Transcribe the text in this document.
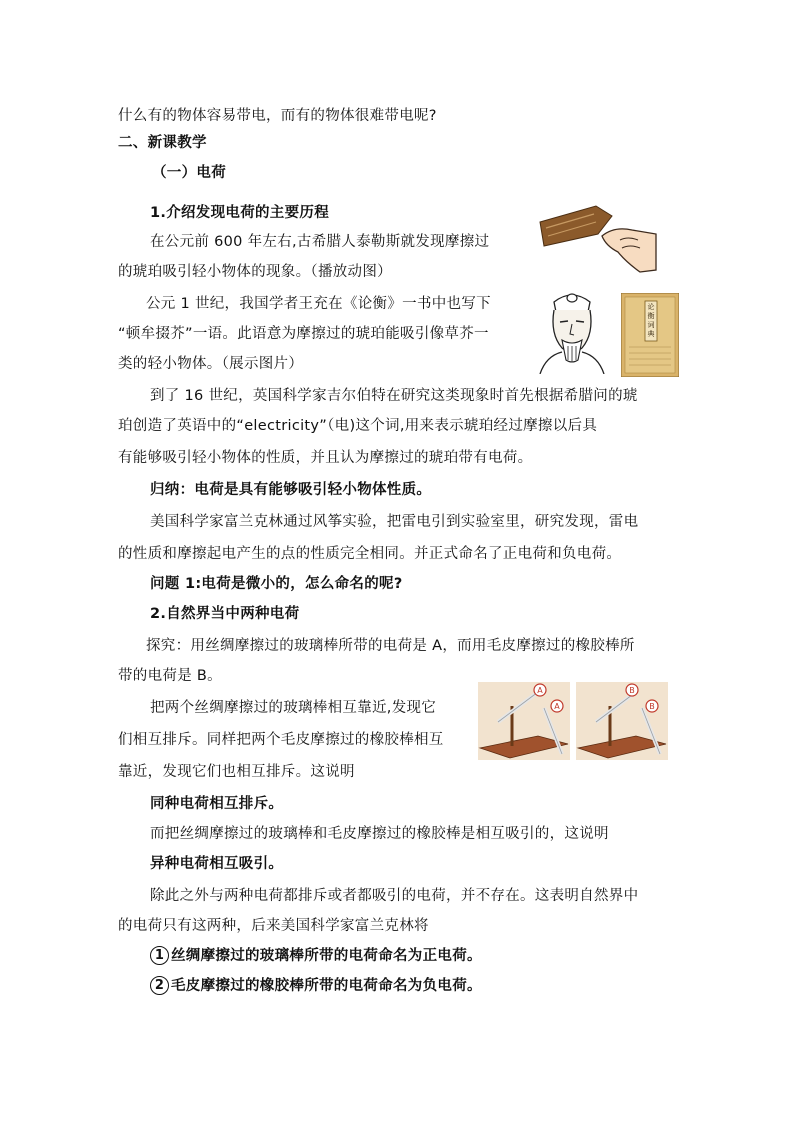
什么有的物体容易带电，而有的物体很难带电呢?
二、新课教学
（一）电荷
1.介绍发现电荷的主要历程
在公元前 600 年左右,古希腊人泰勒斯就发现摩擦过
的琥珀吸引轻小物体的现象。（播放动图）
公元 1 世纪，我国学者王充在《论衡》一书中也写下
“顿牟掇芥”一语。此语意为摩擦过的琥珀能吸引像草芥一
类的轻小物体。（展示图片）
到了 16 世纪，英国科学家吉尔伯特在研究这类现象时首先根据希腊问的琥
珀创造了英语中的“electricity”（电)这个词,用来表示琥珀经过摩擦以后具
有能够吸引轻小物体的性质，并且认为摩擦过的琥珀带有电荷。
归纳：电荷是具有能够吸引轻小物体性质。
美国科学家富兰克林通过风筝实验，把雷电引到实验室里，研究发现，雷电
的性质和摩擦起电产生的点的性质完全相同。并正式命名了正电荷和负电荷。
问题 1:电荷是微小的，怎么命名的呢?
2.自然界当中两种电荷
探究：用丝绸摩擦过的玻璃棒所带的电荷是 A，而用毛皮摩擦过的橡胶棒所
带的电荷是 B。
把两个丝绸摩擦过的玻璃棒相互靠近,发现它
们相互排斥。同样把两个毛皮摩擦过的橡胶棒相互
靠近，发现它们也相互排斥。这说明
同种电荷相互排斥。
而把丝绸摩擦过的玻璃棒和毛皮摩擦过的橡胶棒是相互吸引的，这说明
异种电荷相互吸引。
除此之外与两种电荷都排斥或者都吸引的电荷，并不存在。这表明自然界中
的电荷只有这两种，后来美国科学家富兰克林将
1 丝绸摩擦过的玻璃棒所带的电荷命名为正电荷。
2 毛皮摩擦过的橡胶棒所带的电荷命名为负电荷。
论
衡
词
典
A
A
B
B
